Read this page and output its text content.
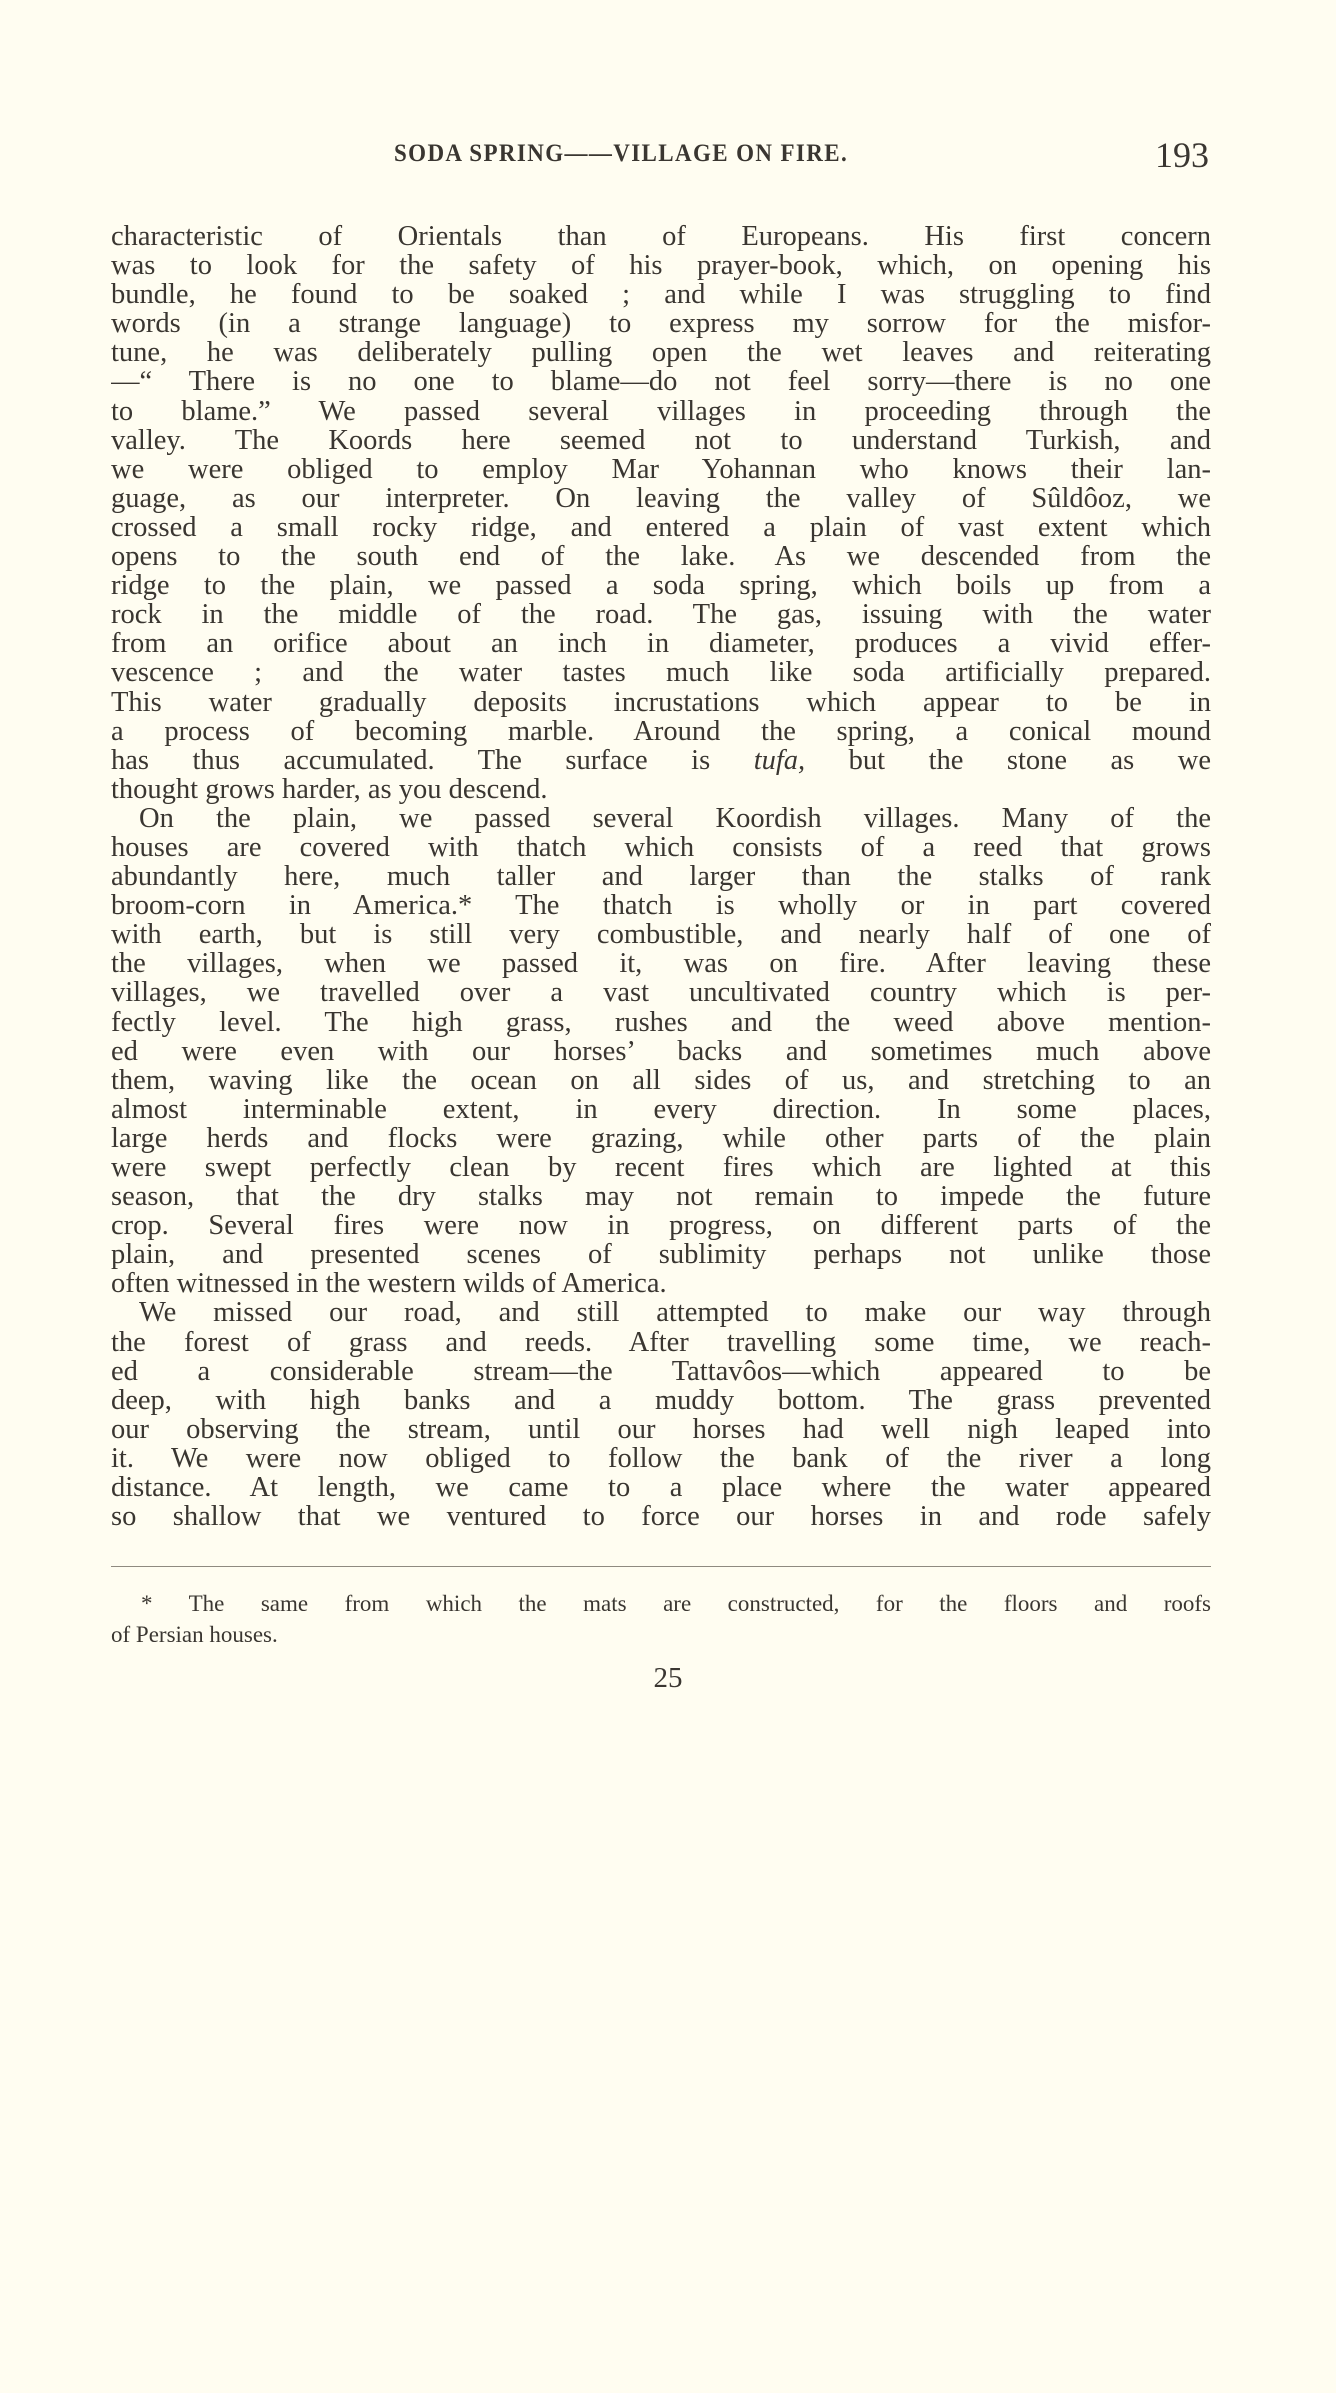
SODA SPRING——VILLAGE ON FIRE.	193
characteristic of Orientals than of Europeans. His first concern
was to look for the safety of his prayer-book, which, on opening his
bundle, he found to be soaked ; and while I was struggling to find
words (in a strange language) to express my sorrow for the misfor-
tune, he was deliberately pulling open the wet leaves and reiterating
—“ There is no one to blame—do not feel sorry—there is no one
to blame.” We passed several villages in proceeding through the
valley. The Koords here seemed not to understand Turkish, and
we were obliged to employ Mar Yohannan who knows their lan-
guage, as our interpreter. On leaving the valley of Sûldôoz, we
crossed a small rocky ridge, and entered a plain of vast extent which
opens to the south end of the lake. As we descended from the
ridge to the plain, we passed a soda spring, which boils up from a
rock in the middle of the road. The gas, issuing with the water
from an orifice about an inch in diameter, produces a vivid effer-
vescence ; and the water tastes much like soda artificially prepared.
This water gradually deposits incrustations which appear to be in
a process of becoming marble. Around the spring, a conical mound
has thus accumulated. The surface is tufa, but the stone as we
thought grows harder, as you descend.
On the plain, we passed several Koordish villages. Many of the
houses are covered with thatch which consists of a reed that grows
abundantly here, much taller and larger than the stalks of rank
broom-corn in America.* The thatch is wholly or in part covered
with earth, but is still very combustible, and nearly half of one of
the villages, when we passed it, was on fire. After leaving these
villages, we travelled over a vast uncultivated country which is per-
fectly level. The high grass, rushes and the weed above mention-
ed were even with our horses’ backs and sometimes much above
them, waving like the ocean on all sides of us, and stretching to an
almost interminable extent, in every direction. In some places,
large herds and flocks were grazing, while other parts of the plain
were swept perfectly clean by recent fires which are lighted at this
season, that the dry stalks may not remain to impede the future
crop. Several fires were now in progress, on different parts of the
plain, and presented scenes of sublimity perhaps not unlike those
often witnessed in the western wilds of America.
We missed our road, and still attempted to make our way through
the forest of grass and reeds. After travelling some time, we reach-
ed a considerable stream—the Tattavôos—which appeared to be
deep, with high banks and a muddy bottom. The grass prevented
our observing the stream, until our horses had well nigh leaped into
it. We were now obliged to follow the bank of the river a long
distance. At length, we came to a place where the water appeared
so shallow that we ventured to force our horses in and rode safely
* The same from which the mats are constructed, for the floors and roofs
of Persian houses.
25
